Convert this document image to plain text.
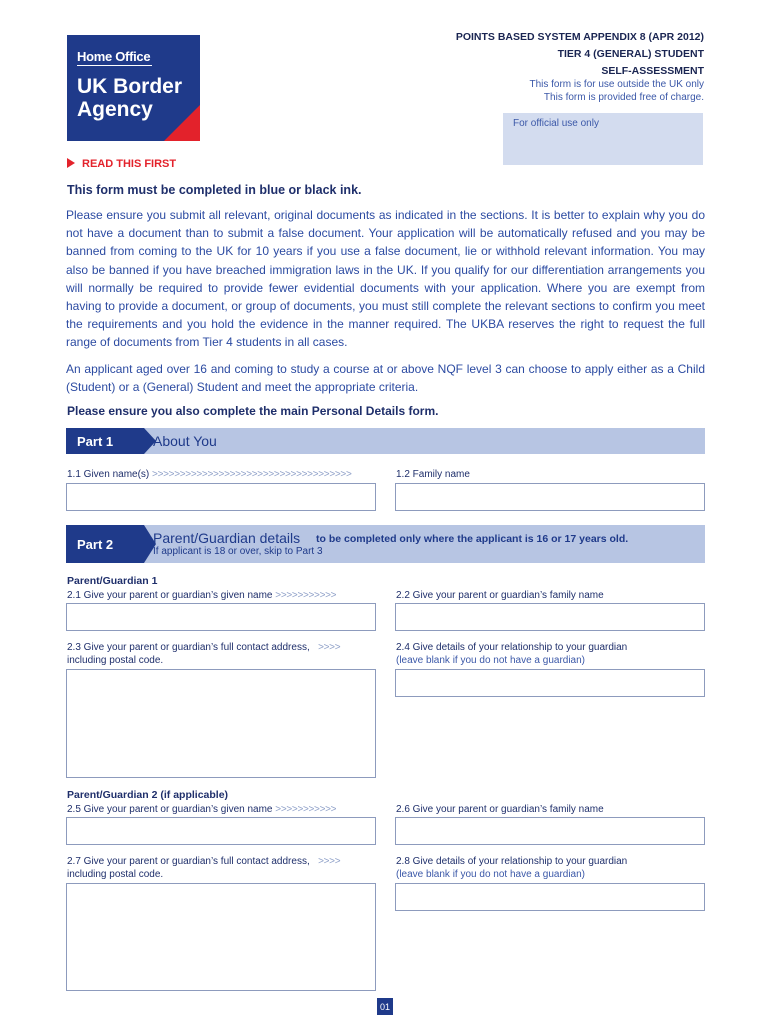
Home Office
UK Border
Agency
POINTS BASED SYSTEM APPENDIX 8 (APR 2012)
TIER 4 (GENERAL) STUDENT
SELF-ASSESSMENT
This form is for use outside the UK only
This form is provided free of charge.
For official use only
READ THIS FIRST
This form must be completed in blue or black ink.
Please ensure you submit all relevant, original documents as indicated in the sections. It is better to explain why you do not have a document than to submit a false document. Your application will be automatically refused and you may be banned from coming to the UK for 10 years if you use a false document, lie or withhold relevant information. You may also be banned if you have breached immigration laws in the UK. If you qualify for our differentiation arrangements you will normally be required to provide fewer evidential documents with your application. Where you are exempt from having to provide a document, or group of documents, you must still complete the relevant sections to confirm you meet the requirements and you hold the evidence in the manner required. The UKBA reserves the right to request the full range of documents from Tier 4 students in all cases.
An applicant aged over 16 and coming to study a course at or above NQF level 3 can choose to apply either as a Child (Student) or a (General) Student and meet the appropriate criteria.
Please ensure you also complete the main Personal Details form.
Part 1	About You
1.1 Given name(s) >>>>>>>>>>>>>>>>>>>>>>>>>>>>>>>>>>>>	1.2 Family name
Part 2	Parent/Guardian details to be completed only where the applicant is 16 or 17 years old.
If applicant is 18 or over, skip to Part 3
Parent/Guardian 1
2.1 Give your parent or guardian’s given name >>>>>>>>>>>	2.2 Give your parent or guardian’s family name
2.3 Give your parent or guardian’s full contact address, >>>>
including postal code.
2.4 Give details of your relationship to your guardian
(leave blank if you do not have a guardian)
Parent/Guardian 2 (if applicable)
2.5 Give your parent or guardian’s given name >>>>>>>>>>>	2.6 Give your parent or guardian’s family name
2.7 Give your parent or guardian’s full contact address, >>>>
including postal code.
2.8 Give details of your relationship to your guardian
(leave blank if you do not have a guardian)
01
